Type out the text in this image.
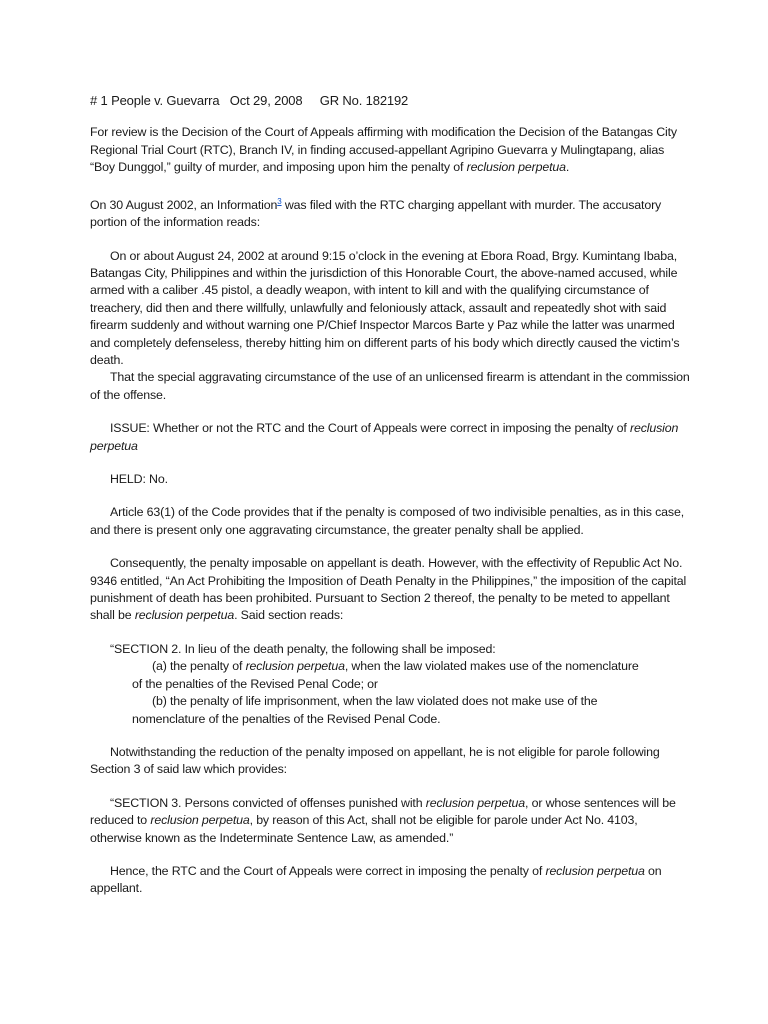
# 1 People v. Guevarra   Oct 29, 2008     GR No. 182192

For review is the Decision of the Court of Appeals affirming with modification the Decision of the Batangas City Regional Trial Court (RTC), Branch IV, in finding accused-appellant Agripino Guevarra y Mulingtapang, alias “Boy Dunggol,” guilty of murder, and imposing upon him the penalty of reclusion perpetua.

On 30 August 2002, an Information$^3$ was filed with the RTC charging appellant with murder. The accusatory portion of the information reads:

On or about August 24, 2002 at around 9:15 o’clock in the evening at Ebora Road, Brgy. Kumintang Ibaba, Batangas City, Philippines and within the jurisdiction of this Honorable Court, the above-named accused, while armed with a caliber .45 pistol, a deadly weapon, with intent to kill and with the qualifying circumstance of treachery, did then and there willfully, unlawfully and feloniously attack, assault and repeatedly shot with said firearm suddenly and without warning one P/Chief Inspector Marcos Barte y Paz while the latter was unarmed and completely defenseless, thereby hitting him on different parts of his body which directly caused the victim’s death.

That the special aggravating circumstance of the use of an unlicensed firearm is attendant in the commission of the offense.

ISSUE: Whether or not the RTC and the Court of Appeals were correct in imposing the penalty of reclusion perpetua

HELD: No.

Article 63(1) of the Code provides that if the penalty is composed of two indivisible penalties, as in this case, and there is present only one aggravating circumstance, the greater penalty shall be applied.

Consequently, the penalty imposable on appellant is death. However, with the effectivity of Republic Act No. 9346 entitled, “An Act Prohibiting the Imposition of Death Penalty in the Philippines,” the imposition of the capital punishment of death has been prohibited. Pursuant to Section 2 thereof, the penalty to be meted to appellant shall be reclusion perpetua. Said section reads:

“SECTION 2. In lieu of the death penalty, the following shall be imposed:

(a) the penalty of reclusion perpetua, when the law violated makes use of the nomenclature

of the penalties of the Revised Penal Code; or

(b) the penalty of life imprisonment, when the law violated does not make use of the

nomenclature of the penalties of the Revised Penal Code.

Notwithstanding the reduction of the penalty imposed on appellant, he is not eligible for parole following Section 3 of said law which provides:

“SECTION 3. Persons convicted of offenses punished with reclusion perpetua, or whose sentences will be reduced to reclusion perpetua, by reason of this Act, shall not be eligible for parole under Act No. 4103, otherwise known as the Indeterminate Sentence Law, as amended.”

Hence, the RTC and the Court of Appeals were correct in imposing the penalty of reclusion perpetua on appellant.
